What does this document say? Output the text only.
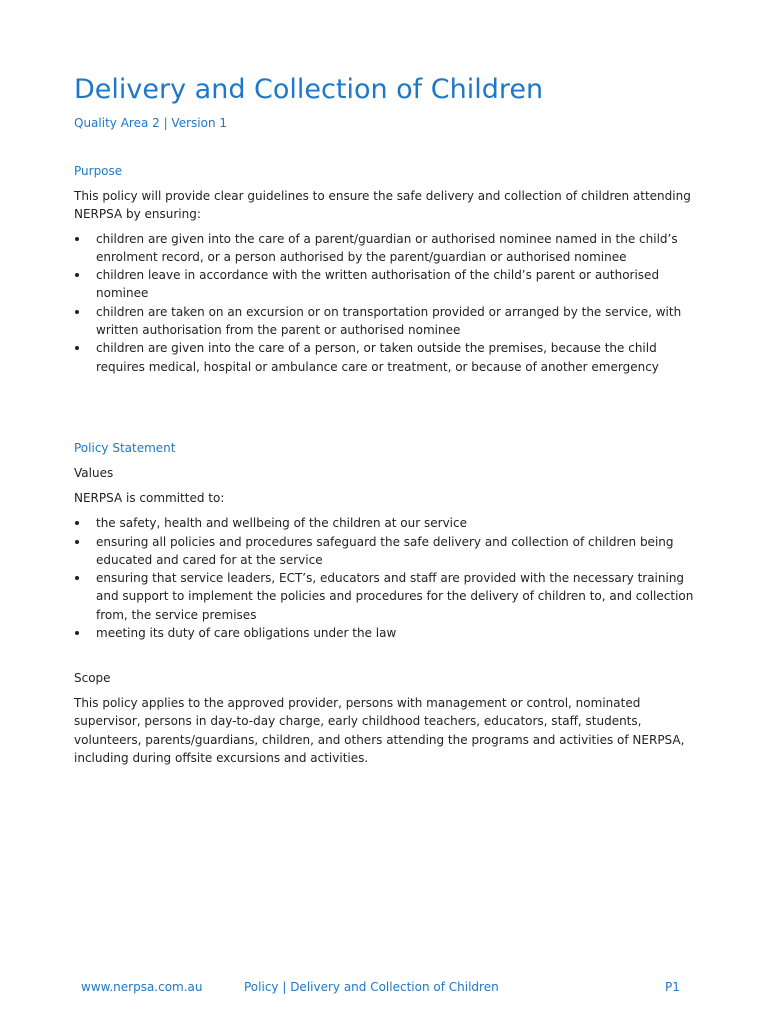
Delivery and Collection of Children
Quality Area 2 | Version 1
Purpose

This policy will provide clear guidelines to ensure the safe delivery and collection of children attending NERPSA by ensuring:

children are given into the care of a parent/guardian or authorised nominee named in the child’s enrolment record, or a person authorised by the parent/guardian or authorised nominee
children leave in accordance with the written authorisation of the child’s parent or authorised nominee
children are taken on an excursion or on transportation provided or arranged by the service, with written authorisation from the parent or authorised nominee
children are given into the care of a person, or taken outside the premises, because the child requires medical, hospital or ambulance care or treatment, or because of another emergency
Policy Statement
Values

NERPSA is committed to:

the safety, health and wellbeing of the children at our service
ensuring all policies and procedures safeguard the safe delivery and collection of children being educated and cared for at the service
ensuring that service leaders, ECT’s, educators and staff are provided with the necessary training and support to implement the policies and procedures for the delivery of children to, and collection from, the service premises
meeting its duty of care obligations under the law
Scope

This policy applies to the approved provider, persons with management or control, nominated supervisor, persons in day-to-day charge, early childhood teachers, educators, staff, students, volunteers, parents/guardians, children, and others attending the programs and activities of NERPSA, including during offsite excursions and activities.

www.nerpsa.com.au	Policy | Delivery and Collection of Children	P1
